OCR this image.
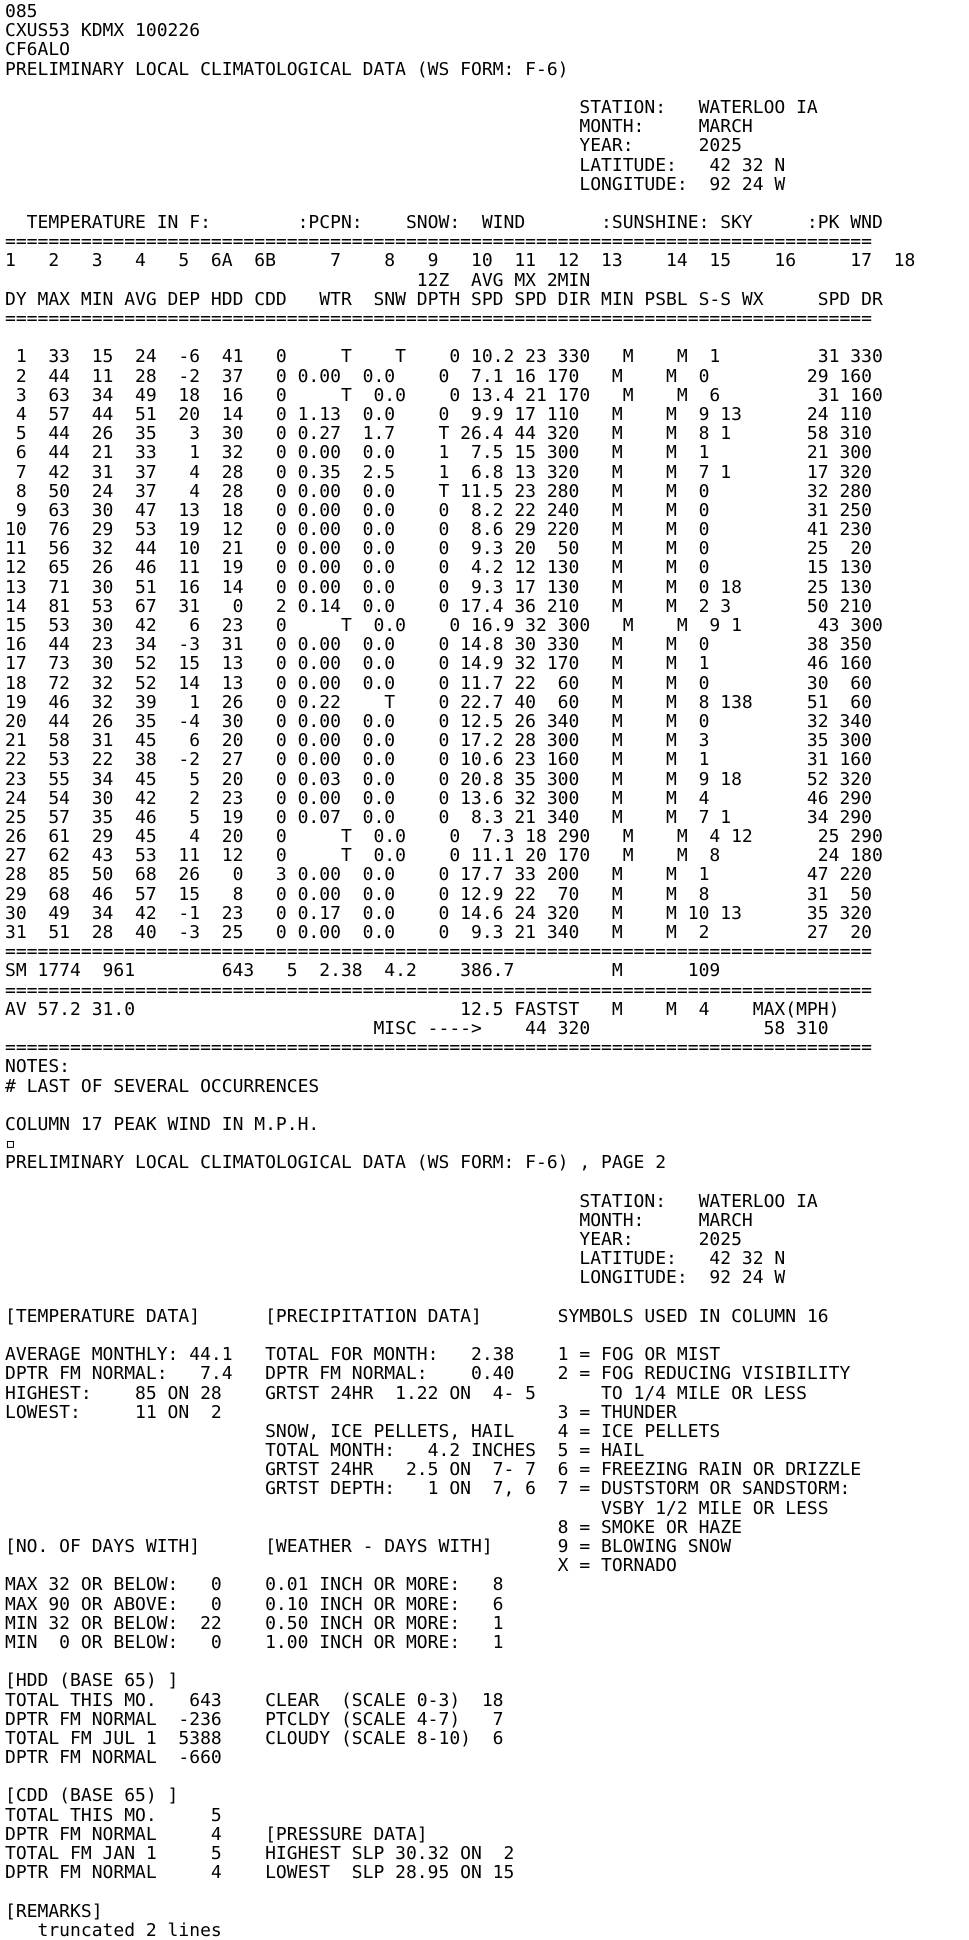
085
CXUS53 KDMX 100226
CF6ALO
PRELIMINARY LOCAL CLIMATOLOGICAL DATA (WS FORM: F-6)
STATION:   WATERLOO IA
MONTH:     MARCH
YEAR:      2025
LATITUDE:   42 32 N
LONGITUDE:  92 24 W
TEMPERATURE IN F:        :PCPN:    SNOW:  WIND       :SUNSHINE: SKY     :PK WND
================================================================================
1   2   3   4   5  6A  6B     7    8   9   10  11  12  13    14  15    16     17  18
12Z  AVG MX 2MIN
DY MAX MIN AVG DEP HDD CDD   WTR  SNW DPTH SPD SPD DIR MIN PSBL S-S WX     SPD DR
================================================================================
1  33  15  24  -6  41   0     T    T    0 10.2 23 330   M    M  1         31 330
2  44  11  28  -2  37   0 0.00  0.0    0  7.1 16 170   M    M  0         29 160
3  63  34  49  18  16   0     T  0.0    0 13.4 21 170   M    M  6         31 160
4  57  44  51  20  14   0 1.13  0.0    0  9.9 17 110   M    M  9 13      24 110
5  44  26  35   3  30   0 0.27  1.7    T 26.4 44 320   M    M  8 1       58 310
6  44  21  33   1  32   0 0.00  0.0    1  7.5 15 300   M    M  1         21 300
7  42  31  37   4  28   0 0.35  2.5    1  6.8 13 320   M    M  7 1       17 320
8  50  24  37   4  28   0 0.00  0.0    T 11.5 23 280   M    M  0         32 280
9  63  30  47  13  18   0 0.00  0.0    0  8.2 22 240   M    M  0         31 250
10  76  29  53  19  12   0 0.00  0.0    0  8.6 29 220   M    M  0         41 230
11  56  32  44  10  21   0 0.00  0.0    0  9.3 20  50   M    M  0         25  20
12  65  26  46  11  19   0 0.00  0.0    0  4.2 12 130   M    M  0         15 130
13  71  30  51  16  14   0 0.00  0.0    0  9.3 17 130   M    M  0 18      25 130
14  81  53  67  31   0   2 0.14  0.0    0 17.4 36 210   M    M  2 3       50 210
15  53  30  42   6  23   0     T  0.0    0 16.9 32 300   M    M  9 1       43 300
16  44  23  34  -3  31   0 0.00  0.0    0 14.8 30 330   M    M  0         38 350
17  73  30  52  15  13   0 0.00  0.0    0 14.9 32 170   M    M  1         46 160
18  72  32  52  14  13   0 0.00  0.0    0 11.7 22  60   M    M  0         30  60
19  46  32  39   1  26   0 0.22    T    0 22.7 40  60   M    M  8 138     51  60
20  44  26  35  -4  30   0 0.00  0.0    0 12.5 26 340   M    M  0         32 340
21  58  31  45   6  20   0 0.00  0.0    0 17.2 28 300   M    M  3         35 300
22  53  22  38  -2  27   0 0.00  0.0    0 10.6 23 160   M    M  1         31 160
23  55  34  45   5  20   0 0.03  0.0    0 20.8 35 300   M    M  9 18      52 320
24  54  30  42   2  23   0 0.00  0.0    0 13.6 32 300   M    M  4         46 290
25  57  35  46   5  19   0 0.07  0.0    0  8.3 21 340   M    M  7 1       34 290
26  61  29  45   4  20   0     T  0.0    0  7.3 18 290   M    M  4 12      25 290
27  62  43  53  11  12   0     T  0.0    0 11.1 20 170   M    M  8         24 180
28  85  50  68  26   0   3 0.00  0.0    0 17.7 33 200   M    M  1         47 220
29  68  46  57  15   8   0 0.00  0.0    0 12.9 22  70   M    M  8         31  50
30  49  34  42  -1  23   0 0.17  0.0    0 14.6 24 320   M    M 10 13      35 320
31  51  28  40  -3  25   0 0.00  0.0    0  9.3 21 340   M    M  2         27  20
================================================================================
SM 1774  961        643   5  2.38  4.2    386.7         M      109
================================================================================
AV 57.2 31.0                              12.5 FASTST   M    M  4    MAX(MPH)
MISC ---->    44 320                58 310
================================================================================
NOTES:
# LAST OF SEVERAL OCCURRENCES
COLUMN 17 PEAK WIND IN M.P.H.
▫
PRELIMINARY LOCAL CLIMATOLOGICAL DATA (WS FORM: F-6) , PAGE 2
STATION:   WATERLOO IA
MONTH:     MARCH
YEAR:      2025
LATITUDE:   42 32 N
LONGITUDE:  92 24 W
[TEMPERATURE DATA]      [PRECIPITATION DATA]       SYMBOLS USED IN COLUMN 16
AVERAGE MONTHLY: 44.1   TOTAL FOR MONTH:   2.38    1 = FOG OR MIST
DPTR FM NORMAL:   7.4   DPTR FM NORMAL:    0.40    2 = FOG REDUCING VISIBILITY
HIGHEST:    85 ON 28    GRTST 24HR  1.22 ON  4- 5      TO 1/4 MILE OR LESS
LOWEST:     11 ON  2                               3 = THUNDER
SNOW, ICE PELLETS, HAIL    4 = ICE PELLETS
TOTAL MONTH:   4.2 INCHES  5 = HAIL
GRTST 24HR   2.5 ON  7- 7  6 = FREEZING RAIN OR DRIZZLE
GRTST DEPTH:   1 ON  7, 6  7 = DUSTSTORM OR SANDSTORM:
VSBY 1/2 MILE OR LESS
8 = SMOKE OR HAZE
[NO. OF DAYS WITH]      [WEATHER - DAYS WITH]      9 = BLOWING SNOW
X = TORNADO
MAX 32 OR BELOW:   0    0.01 INCH OR MORE:   8
MAX 90 OR ABOVE:   0    0.10 INCH OR MORE:   6
MIN 32 OR BELOW:  22    0.50 INCH OR MORE:   1
MIN  0 OR BELOW:   0    1.00 INCH OR MORE:   1
[HDD (BASE 65) ]
TOTAL THIS MO.   643    CLEAR  (SCALE 0-3)  18
DPTR FM NORMAL  -236    PTCLDY (SCALE 4-7)   7
TOTAL FM JUL 1  5388    CLOUDY (SCALE 8-10)  6
DPTR FM NORMAL  -660
[CDD (BASE 65) ]
TOTAL THIS MO.     5
DPTR FM NORMAL     4    [PRESSURE DATA]
TOTAL FM JAN 1     5    HIGHEST SLP 30.32 ON  2
DPTR FM NORMAL     4    LOWEST  SLP 28.95 ON 15
[REMARKS]
truncated 2 lines
